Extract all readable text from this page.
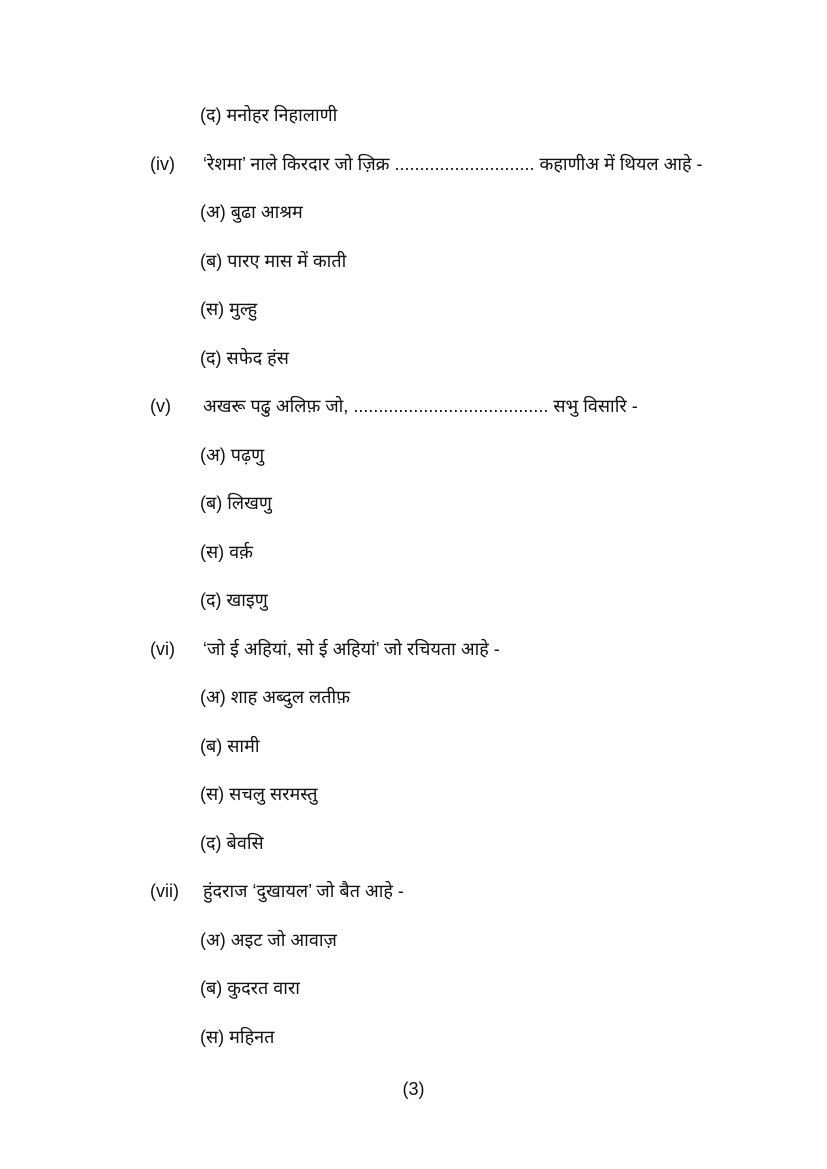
(द) मनोहर निहालाणी
(iv) ‘रेशमा’ नाले किरदार जो ज़िक्र ............................ कहाणीअ में थियल आहे -
(अ) बुढा आश्रम
(ब) पारए मास में काती
(स) मुल्हु
(द) सफेद हंस
(v) अखरू पढु अलिफ़ जो, ....................................... सभु विसारि -
(अ) पढ़णु
(ब) लिखणु
(स) वर्क़
(द) खाइणु
(vi) ‘जो ई अहियां, सो ई अहियां’ जो रचियता आहे -
(अ) शाह अब्दुल लतीफ़
(ब) सामी
(स) सचलु सरमस्तु
(द) बेवसि
(vii) हुंदराज ‘दुखायल’ जो बैत आहे -
(अ) अइट जो आवाज़
(ब) कुदरत वारा
(स) महिनत
(3)
